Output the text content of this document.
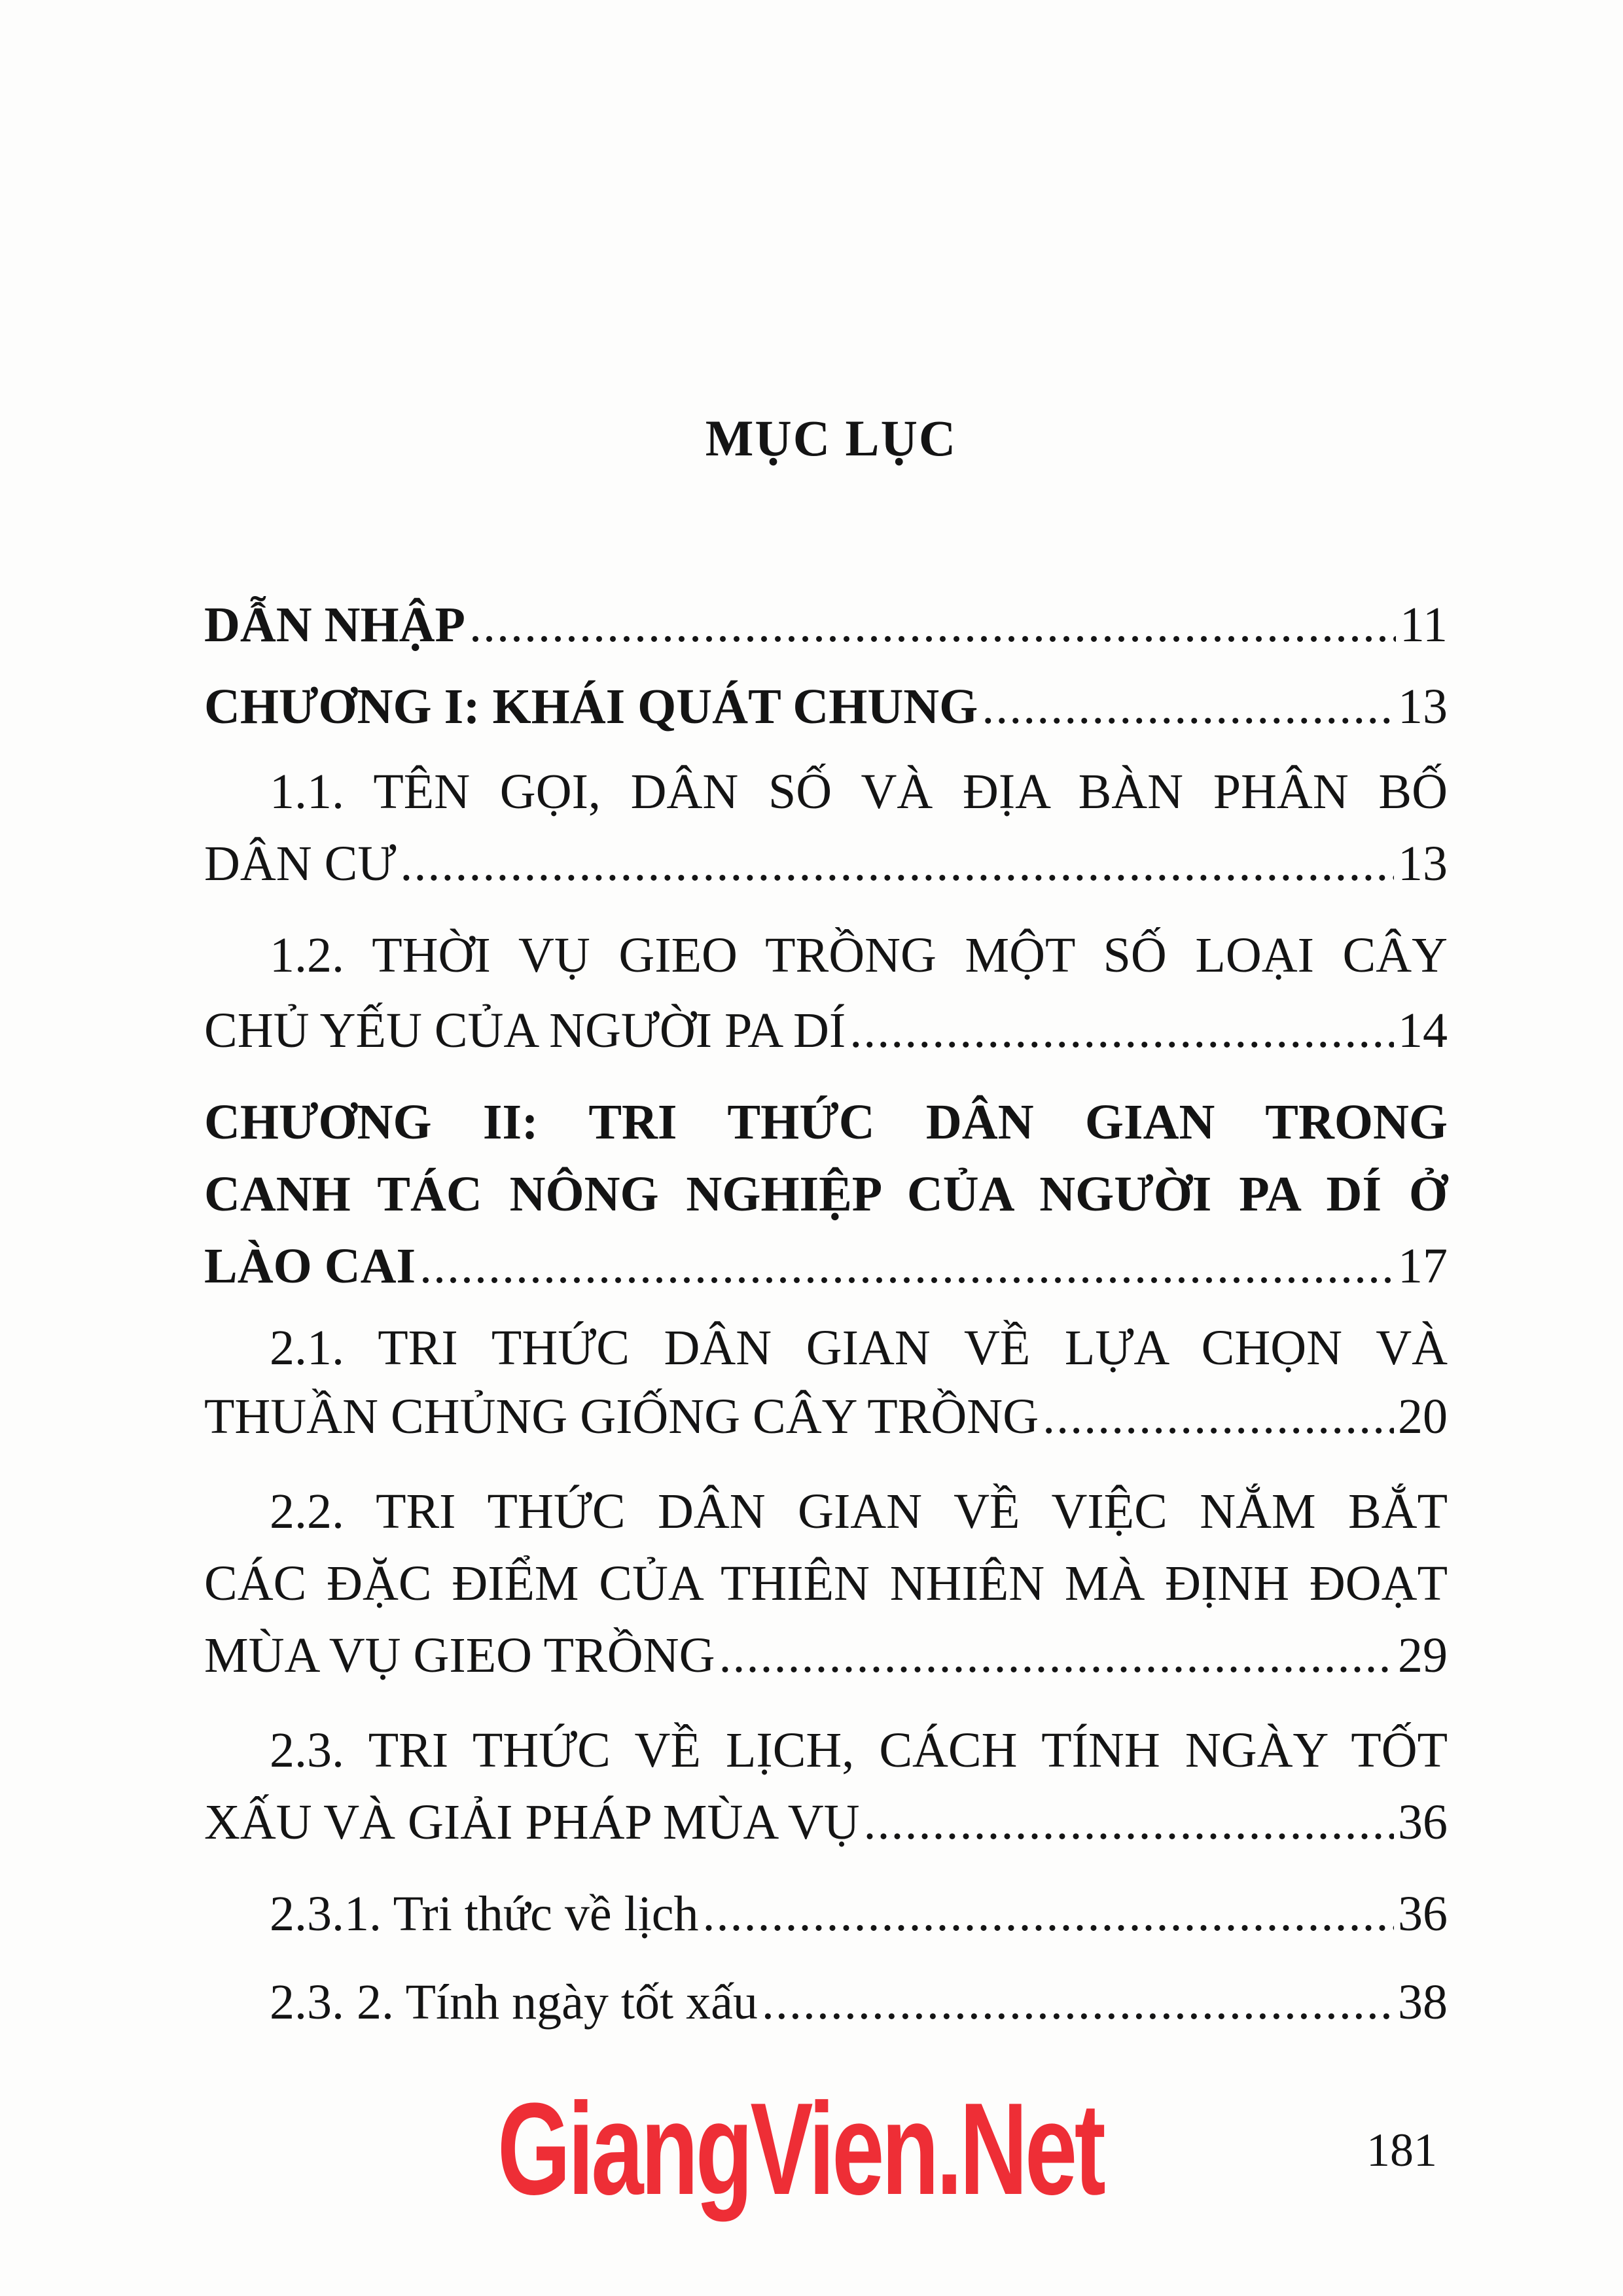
MỤC LỤC
DẪN NHẬP .....	11
CHƯƠNG I: KHÁI QUÁT CHUNG .....	13
1.1. TÊN GỌI, DÂN SỐ VÀ ĐỊA BÀN PHÂN BỐ
DÂN CƯ .....	13
1.2. THỜI VỤ GIEO TRỒNG MỘT SỐ LOẠI CÂY
CHỦ YẾU CỦA NGƯỜI PA DÍ .....	14
CHƯƠNG II: TRI THỨC DÂN GIAN TRONG
CANH TÁC NÔNG NGHIỆP CỦA NGƯỜI PA DÍ Ở
LÀO CAI .....	17
2.1. TRI THỨC DÂN GIAN VỀ LỰA CHỌN VÀ
THUẦN CHỦNG GIỐNG CÂY TRỒNG .....	20
2.2. TRI THỨC DÂN GIAN VỀ VIỆC NẮM BẮT
CÁC ĐẶC ĐIỂM CỦA THIÊN NHIÊN MÀ ĐỊNH ĐOẠT
MÙA VỤ GIEO TRỒNG .....	29
2.3. TRI THỨC VỀ LỊCH, CÁCH TÍNH NGÀY TỐT
XẤU VÀ GIẢI PHÁP MÙA VỤ .....	36
2.3.1. Tri thức về lịch .....	36
2.3. 2. Tính ngày tốt xấu .....	38
GiangVien.Net	181
